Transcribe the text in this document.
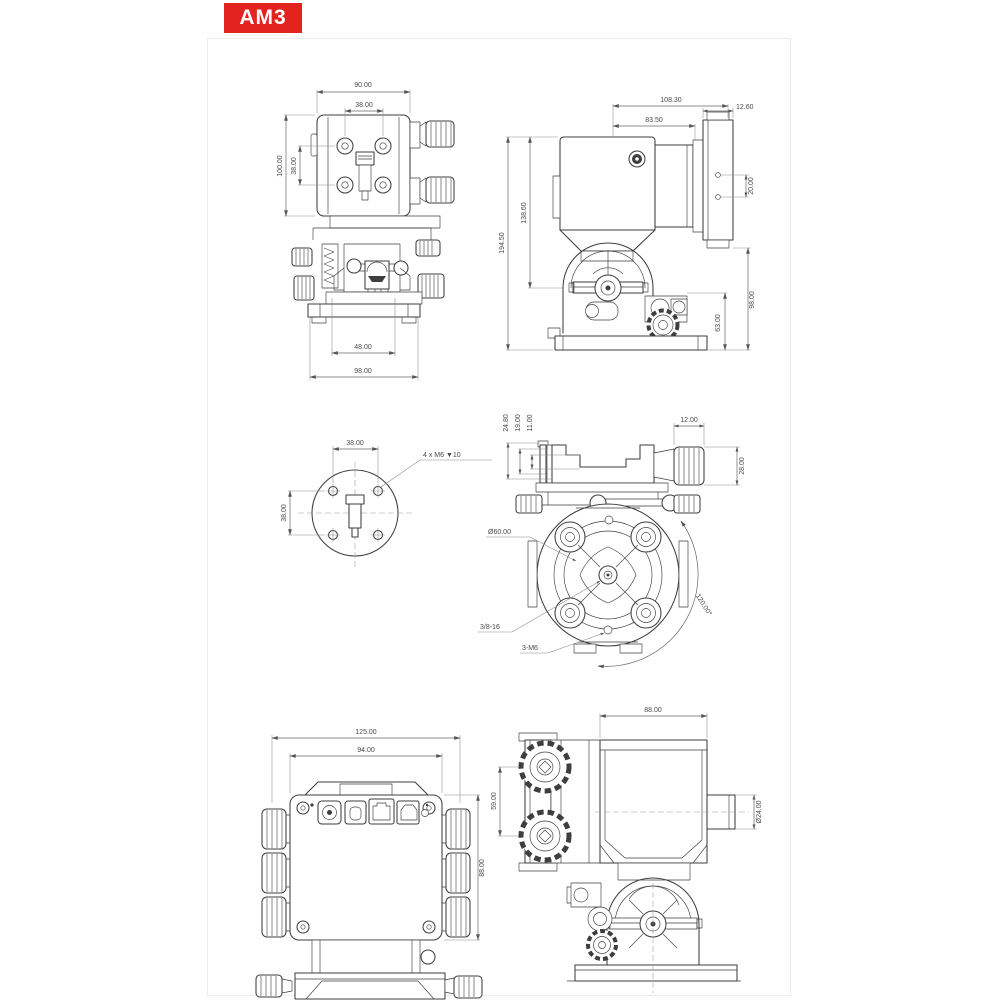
AM3
90.00
38.00
100.00 38.00
48.00
98.00
108.30
83.50
12.60
194.50
138.60
20.00
98.00
63.00
38.00
38.00
4 x M6 ▼10
24.80 19.00 11.00	12.00
28.00
120.00°
Ø60.00
3/8-16
3-M6
125.00
94.00
88.00
88.00
59.00	Ø24.00
